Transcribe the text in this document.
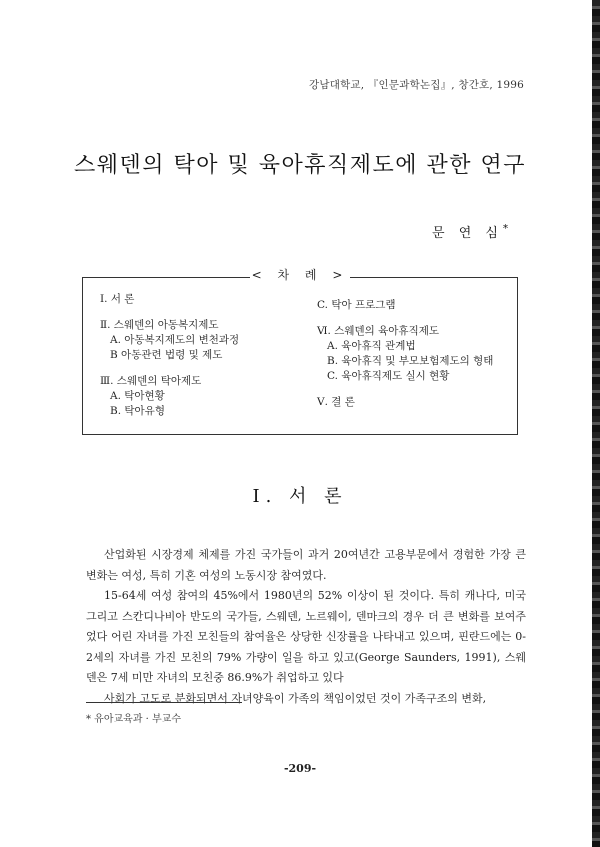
강남대학교, 『인문과학논집』, 창간호, 1996
스웨덴의 탁아 및 육아휴직제도에 관한 연구
문 연 심*
< 차 례 >
Ⅰ. 서 론
Ⅱ. 스웨덴의 아동복지제도
A. 아동복지제도의 변천과정
B 아동관련 법령 및 제도
Ⅲ. 스웨덴의 탁아제도
A. 탁아현황
B. 탁아유형
C. 탁아 프로그램
Ⅵ. 스웨덴의 육아휴직제도
A. 육아휴직 관계법
B. 육아휴직 및 부모보험제도의 형태
C. 육아휴직제도 실시 현황
Ⅴ. 결 론
Ⅰ. 서 론

산업화된 시장경제 체제를 가진 국가들이 과거 20여년간 고용부문에서 경험한 가장 큰 변화는 여성, 특히 기혼 여성의 노동시장 참여였다.

15-64세 여성 참여의 45%에서 1980년의 52% 이상이 된 것이다. 특히 캐나다, 미국 그리고 스칸디나비아 반도의 국가들, 스웨덴, 노르웨이, 덴마크의 경우 더 큰 변화를 보여주었다 어린 자녀를 가진 모친들의 참여율은 상당한 신장률을 나타내고 있으며, 핀란드에는 0-2세의 자녀를 가진 모친의 79% 가량이 일을 하고 있고(George Saunders, 1991), 스웨덴은 7세 미만 자녀의 모친중 86.9%가 취업하고 있다

사회가 고도로 분화되면서 자녀양육이 가족의 책임이었던 것이 가족구조의 변화,

* 유아교육과 · 부교수
-209-
